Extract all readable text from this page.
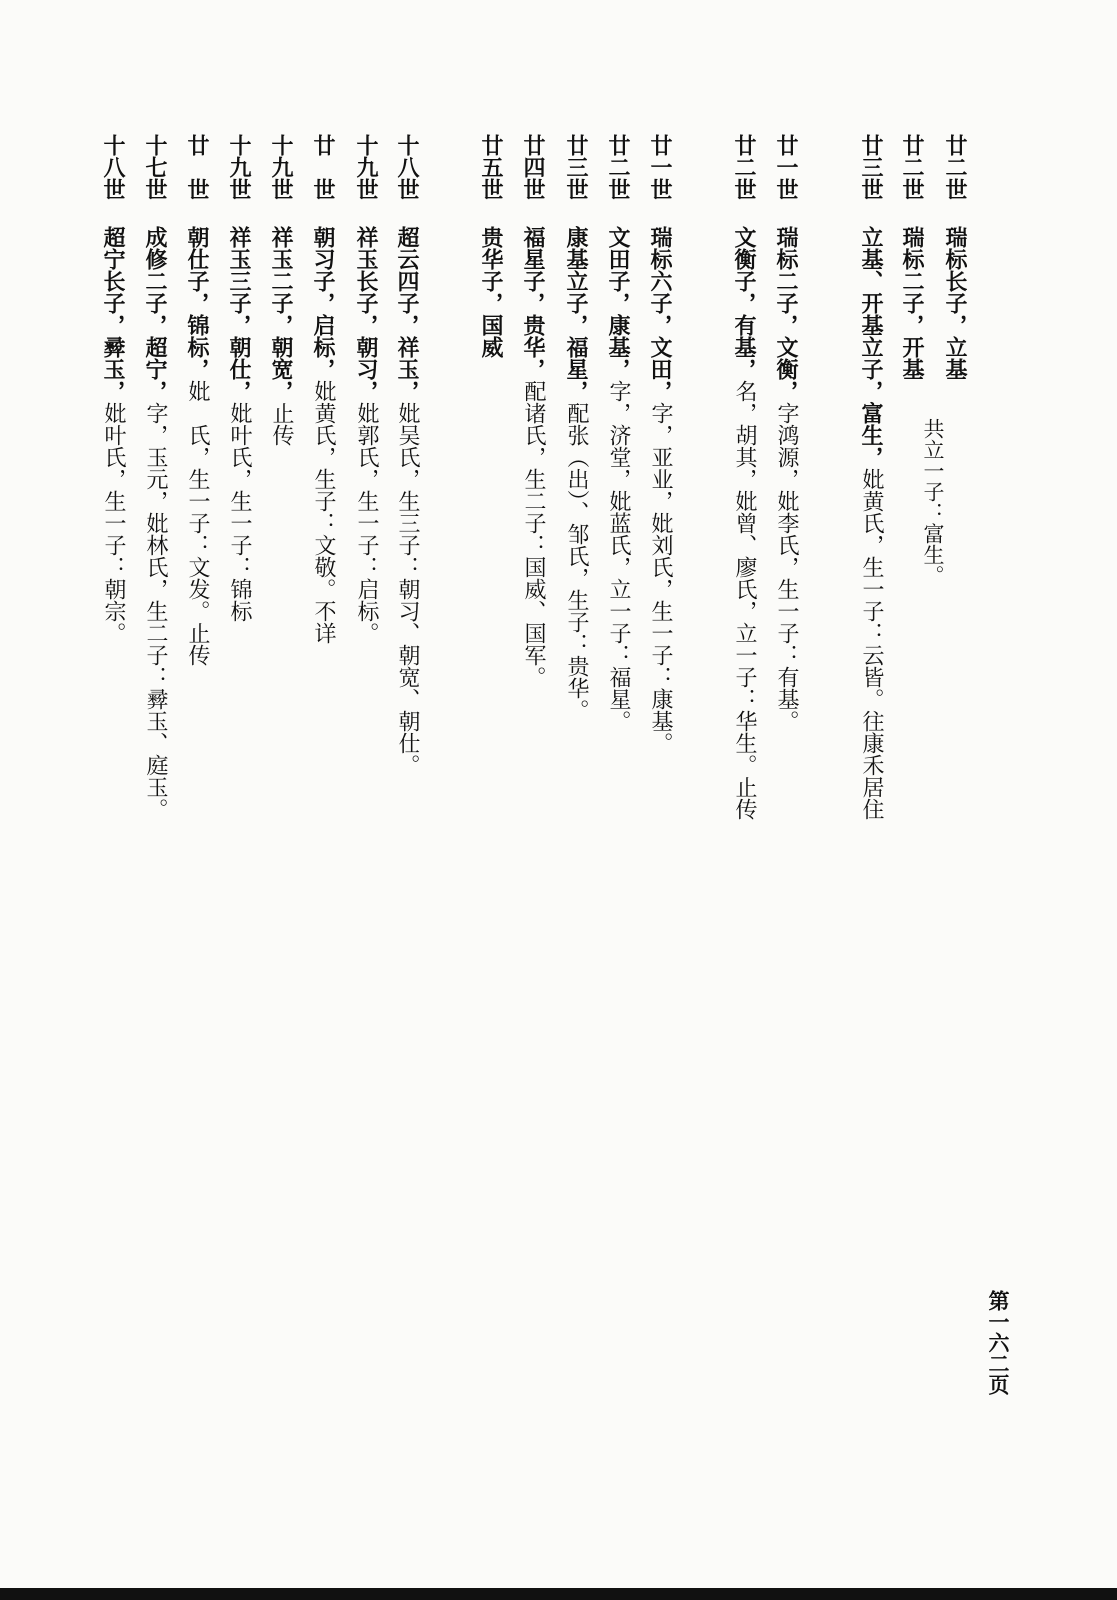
廿二世瑞标长子，立基
共立一子：富生。
廿二世瑞标二子，开基
廿三世立基、开基立子，富生，妣黄氏，生一子：云皆。往康禾居住
廿一世瑞标二子，文衡，字鸿源，妣李氏，生一子：有基。
廿二世文衡子，有基，名，胡其，妣曾、廖氏，立一子：华生。止传
廿一世瑞标六子，文田，字，亚业，妣刘氏，生一子：康基。
廿二世文田子，康基，字，济堂，妣蓝氏，立一子：福星。
廿三世康基立子，福星，配张（出）、邹氏，生子：贵华。
廿四世福星子，贵华，配诸氏，生二子：国威、国军。
廿五世贵华子，国威
十八世超云四子，祥玉，妣吴氏，生三子：朝习、朝宽、朝仕。
十九世祥玉长子，朝习，妣郭氏，生一子：启标。
廿　世朝习子，启标，妣黄氏，生子：文敬。不详
十九世祥玉二子，朝宽，止传
十九世祥玉三子，朝仕，妣叶氏，生一子：锦标
廿　世朝仕子，锦标，妣　氏，生一子：文发。止传
十七世成修二子，超宁，字，玉元，妣林氏，生二子：彛玉、庭玉。
十八世超宁长子，彛玉，妣叶氏，生一子：朝宗。
第一六二页
